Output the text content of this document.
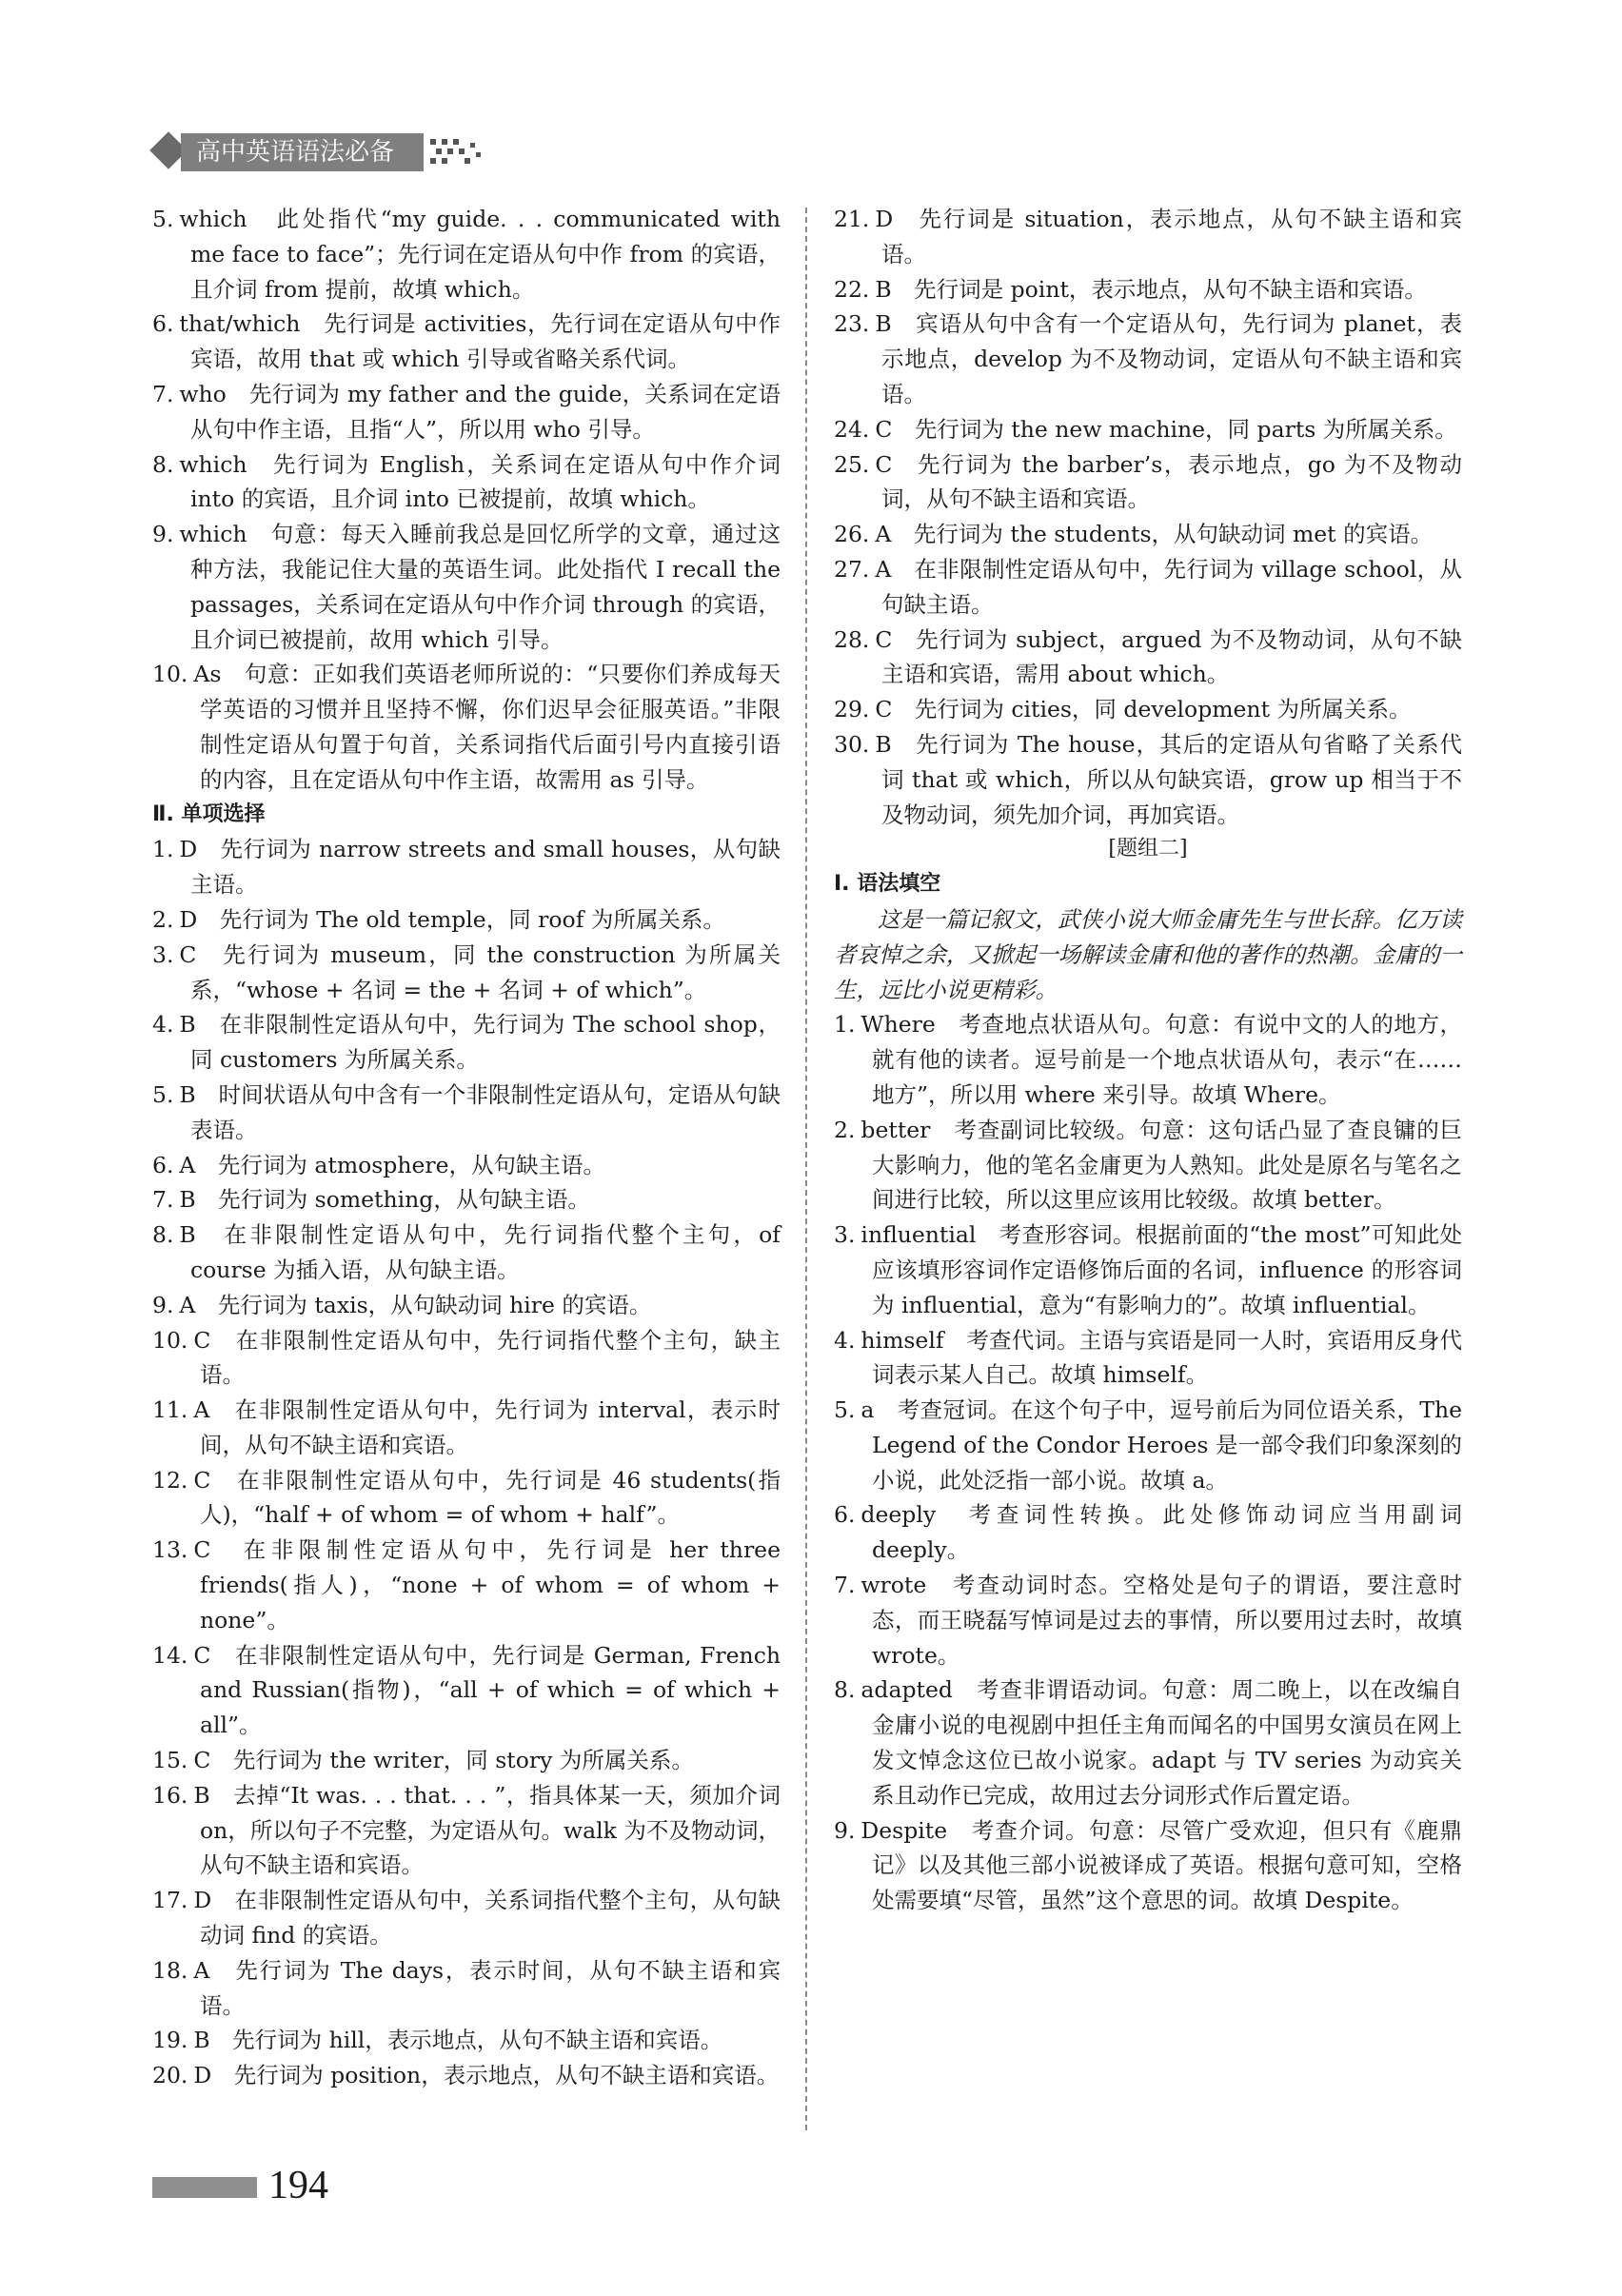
高中英语语法必备
5. which　此处指代“my guide. . . communicated with me face to face”；先行词在定语从句中作 from 的宾语，且介词 from 提前，故填 which。
6. that/which　先行词是 activities，先行词在定语从句中作宾语，故用 that 或 which 引导或省略关系代词。
7. who　先行词为 my father and the guide，关系词在定语从句中作主语，且指“人”，所以用 who 引导。
8. which　先行词为 English，关系词在定语从句中作介词 into 的宾语，且介词 into 已被提前，故填 which。
9. which　句意：每天入睡前我总是回忆所学的文章，通过这种方法，我能记住大量的英语生词。此处指代 I recall the passages，关系词在定语从句中作介词 through 的宾语，且介词已被提前，故用 which 引导。
10. As　句意：正如我们英语老师所说的：“只要你们养成每天学英语的习惯并且坚持不懈，你们迟早会征服英语。”非限制性定语从句置于句首，关系词指代后面引号内直接引语的内容，且在定语从句中作主语，故需用 as 引导。
Ⅱ. 单项选择
1. D　先行词为 narrow streets and small houses，从句缺主语。
2. D　先行词为 The old temple，同 roof 为所属关系。
3. C　先行词为 museum，同 the construction 为所属关系，“whose + 名词 = the + 名词 + of which”。
4. B　在非限制性定语从句中，先行词为 The school shop，同 customers 为所属关系。
5. B　时间状语从句中含有一个非限制性定语从句，定语从句缺表语。
6. A　先行词为 atmosphere，从句缺主语。
7. B　先行词为 something，从句缺主语。
8. B　在非限制性定语从句中，先行词指代整个主句，of course 为插入语，从句缺主语。
9. A　先行词为 taxis，从句缺动词 hire 的宾语。
10. C　在非限制性定语从句中，先行词指代整个主句，缺主语。
11. A　在非限制性定语从句中，先行词为 interval，表示时间，从句不缺主语和宾语。
12. C　在非限制性定语从句中，先行词是 46 students(指人)，“half + of whom = of whom + half”。
13. C　在非限制性定语从句中，先行词是 her three friends(指人)，“none + of whom = of whom + none”。
14. C　在非限制性定语从句中，先行词是 German, French and Russian(指物)，“all + of which = of which + all”。
15. C　先行词为 the writer，同 story 为所属关系。
16. B　去掉“It was. . . that. . . ”，指具体某一天，须加介词 on，所以句子不完整，为定语从句。walk 为不及物动词，从句不缺主语和宾语。
17. D　在非限制性定语从句中，关系词指代整个主句，从句缺动词 find 的宾语。
18. A　先行词为 The days，表示时间，从句不缺主语和宾语。
19. B　先行词为 hill，表示地点，从句不缺主语和宾语。
20. D　先行词为 position，表示地点，从句不缺主语和宾语。
21. D　先行词是 situation，表示地点，从句不缺主语和宾语。
22. B　先行词是 point，表示地点，从句不缺主语和宾语。
23. B　宾语从句中含有一个定语从句，先行词为 planet，表示地点，develop 为不及物动词，定语从句不缺主语和宾语。
24. C　先行词为 the new machine，同 parts 为所属关系。
25. C　先行词为 the barber’s，表示地点，go 为不及物动词，从句不缺主语和宾语。
26. A　先行词为 the students，从句缺动词 met 的宾语。
27. A　在非限制性定语从句中，先行词为 village school，从句缺主语。
28. C　先行词为 subject，argued 为不及物动词，从句不缺主语和宾语，需用 about which。
29. C　先行词为 cities，同 development 为所属关系。
30. B　先行词为 The house，其后的定语从句省略了关系代词 that 或 which，所以从句缺宾语，grow up 相当于不及物动词，须先加介词，再加宾语。
[题组二]
Ⅰ. 语法填空
这是一篇记叙文，武侠小说大师金庸先生与世长辞。亿万读者哀悼之余，又掀起一场解读金庸和他的著作的热潮。金庸的一生，远比小说更精彩。
1. Where　考查地点状语从句。句意：有说中文的人的地方，就有他的读者。逗号前是一个地点状语从句，表示“在……地方”，所以用 where 来引导。故填 Where。
2. better　考查副词比较级。句意：这句话凸显了查良镛的巨大影响力，他的笔名金庸更为人熟知。此处是原名与笔名之间进行比较，所以这里应该用比较级。故填 better。
3. influential　考查形容词。根据前面的“the most”可知此处应该填形容词作定语修饰后面的名词，influence 的形容词为 influential，意为“有影响力的”。故填 influential。
4. himself　考查代词。主语与宾语是同一人时，宾语用反身代词表示某人自己。故填 himself。
5. a　考查冠词。在这个句子中，逗号前后为同位语关系，The Legend of the Condor Heroes 是一部令我们印象深刻的小说，此处泛指一部小说。故填 a。
6. deeply　考查词性转换。此处修饰动词应当用副词 deeply。
7. wrote　考查动词时态。空格处是句子的谓语，要注意时态，而王晓磊写悼词是过去的事情，所以要用过去时，故填 wrote。
8. adapted　考查非谓语动词。句意：周二晚上，以在改编自金庸小说的电视剧中担任主角而闻名的中国男女演员在网上发文悼念这位已故小说家。adapt 与 TV series 为动宾关系且动作已完成，故用过去分词形式作后置定语。
9. Despite　考查介词。句意：尽管广受欢迎，但只有《鹿鼎记》以及其他三部小说被译成了英语。根据句意可知，空格处需要填“尽管，虽然”这个意思的词。故填 Despite。
194
